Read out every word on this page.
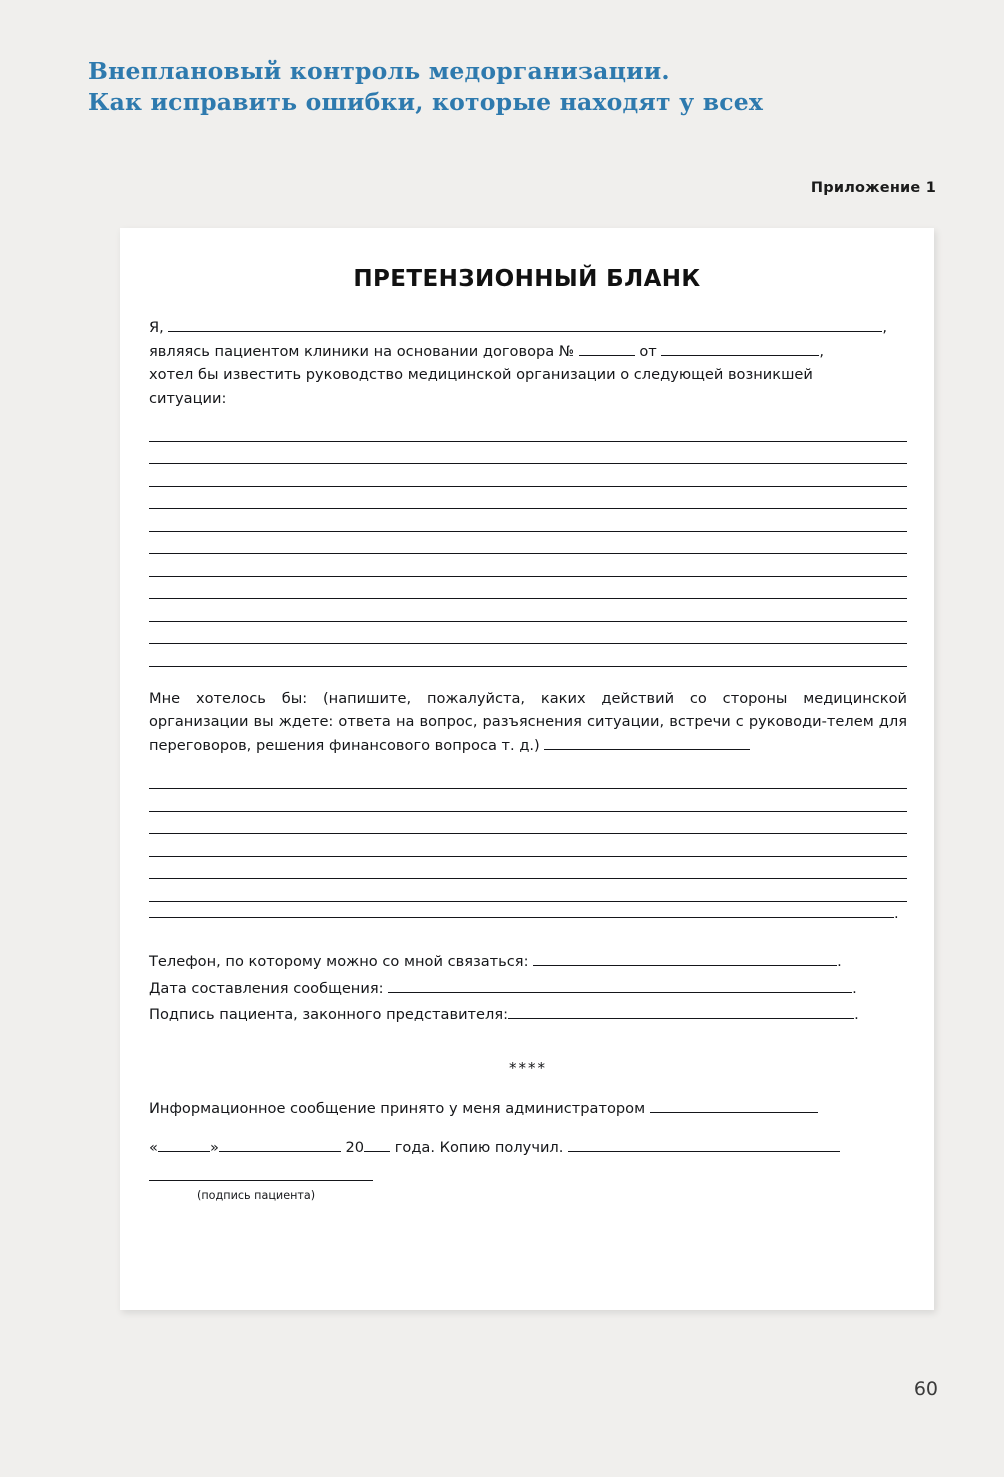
Внеплановый контроль медорганизации.
Как исправить ошибки, которые находят у всех
Приложение 1
ПРЕТЕНЗИОННЫЙ БЛАНК
Я,	,
являясь пациентом клиники на основании договора №	от	,
хотел бы известить руководство медицинской организации о следующей возникшей
ситуации:
Мне хотелось бы: (напишите, пожалуйста, каких действий со стороны медицинской организации вы ждете: ответа на вопрос, разъяснения ситуации, встречи с руководи-телем для переговоров, решения финансового вопроса т. д.)
.
Телефон, по которому можно со мной связаться:	.
Дата составления сообщения:	.
Подпись пациента, законного представителя:	.
****
Информационное сообщение принято у меня администратором
«	»	20 года. Копию получил.
(подпись пациента)
60
